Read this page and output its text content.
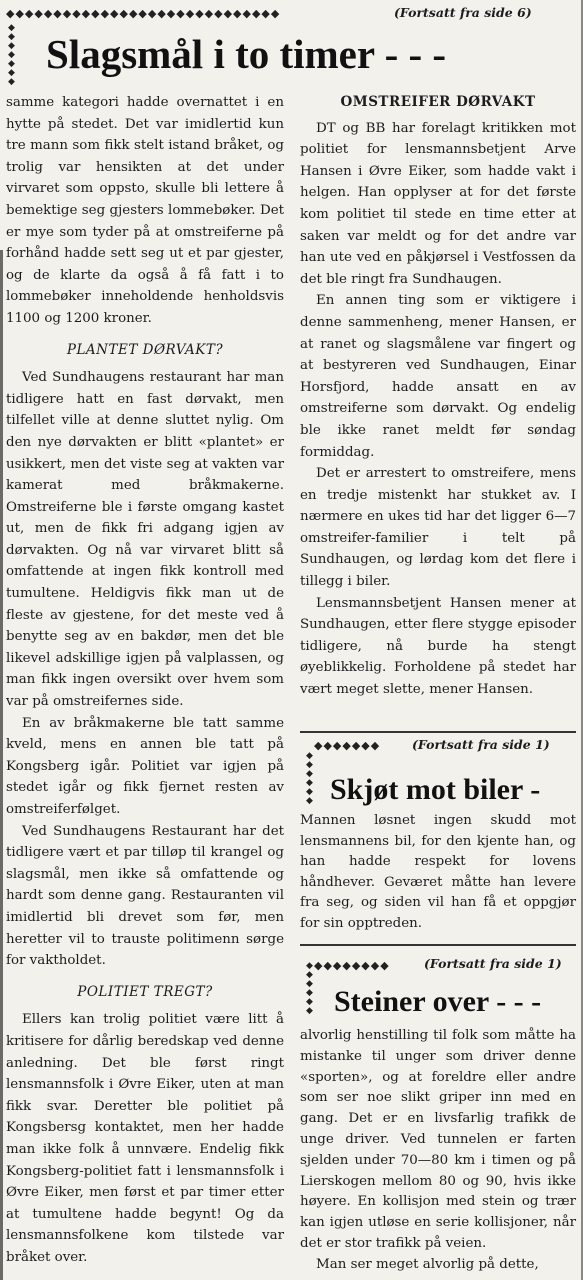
◆◆◆◆◆◆◆◆◆◆◆◆◆◆◆◆◆◆◆◆◆◆◆◆◆◆◆◆◆	(Fortsatt fra side 6)
◆
◆
◆
◆
◆
◆
◆
Slagsmål i to timer - - -

samme kategori hadde overnattet i en hytte på stedet. Det var imidlertid kun tre mann som fikk stelt istand bråket, og trolig var hensikten at det under virvaret som oppsto, skulle bli lettere å bemektige seg gjesters lommebøker. Det er mye som tyder på at omstreiferne på forhånd hadde sett seg ut et par gjester, og de klarte da også å få fatt i to lommebøker inneholdende henholdsvis 1100 og 1200 kroner.

PLANTET DØRVAKT?

Ved Sundhaugens restaurant har man tidligere hatt en fast dørvakt, men tilfellet ville at denne sluttet nylig. Om den nye dørvakten er blitt «plantet» er usikkert, men det viste seg at vakten var kamerat med bråkmakerne. Omstreiferne ble i første omgang kastet ut, men de fikk fri adgang igjen av dørvakten. Og nå var virvaret blitt så omfattende at ingen fikk kontroll med tumultene. Heldigvis fikk man ut de fleste av gjestene, for det meste ved å benytte seg av en bakdør, men det ble likevel adskillige igjen på valplassen, og man fikk ingen oversikt over hvem som var på omstreifernes side.

En av bråkmakerne ble tatt samme kveld, mens en annen ble tatt på Kongsberg igår. Politiet var igjen på stedet igår og fikk fjernet resten av omstreiferfølget.

Ved Sundhaugens Restaurant har det tidligere vært et par tilløp til krangel og slagsmål, men ikke så omfattende og hardt som denne gang. Restauranten vil imidlertid bli drevet som før, men heretter vil to trauste politimenn sørge for vaktholdet.

POLITIET TREGT?

Ellers kan trolig politiet være litt å kritisere for dårlig beredskap ved denne anledning. Det ble først ringt lensmannsfolk i Øvre Eiker, uten at man fikk svar. Deretter ble politiet på Kongsbersg kontaktet, men her hadde man ikke folk å unnvære. Endelig fikk Kongsberg-politiet fatt i lensmannsfolk i Øvre Eiker, men først et par timer etter at tumultene hadde begynt! Og da lensmannsfolkene kom tilstede var bråket over.

OMSTREIFER DØRVAKT

DT og BB har forelagt kritikken mot politiet for lensmannsbetjent Arve Hansen i Øvre Eiker, som hadde vakt i helgen. Han opplyser at for det første kom politiet til stede en time etter at saken var meldt og for det andre var han ute ved en påkjørsel i Vestfossen da det ble ringt fra Sundhaugen.

En annen ting som er viktigere i denne sammenheng, mener Hansen, er at ranet og slagsmålene var fingert og at bestyreren ved Sundhaugen, Einar Horsfjord, hadde ansatt en av omstreiferne som dørvakt. Og endelig ble ikke ranet meldt før søndag formiddag.

Det er arrestert to omstreifere, mens en tredje mistenkt har stukket av. I nærmere en ukes tid har det ligger 6—7 omstreifer-familier i telt på Sundhaugen, og lørdag kom det flere i tillegg i biler.

Lensmannsbetjent Hansen mener at Sundhaugen, etter flere stygge episoder tidligere, nå burde ha stengt øyeblikkelig. Forholdene på stedet har vært meget slette, mener Hansen.

◆◆◆◆◆◆◆	(Fortsatt fra side 1)
◆
◆
◆
◆
◆
◆ Skjøt mot biler -

Mannen løsnet ingen skudd mot lensmannens bil, for den kjente han, og han hadde respekt for lovens håndhever. Geværet måtte han levere fra seg, og siden vil han få et oppgjør for sin opptreden.

◆◆◆◆◆◆◆◆	(Fortsatt fra side 1)
◆
◆
◆
◆
◆
◆ Steiner over - - -

alvorlig henstilling til folk som måtte ha mistanke til unger som driver denne «sporten», og at foreldre eller andre som ser noe slikt griper inn med en gang. Det er en livsfarlig trafikk de unge driver. Ved tunnelen er farten sjelden under 70—80 km i timen og på Lierskogen mellom 80 og 90, hvis ikke høyere. En kollisjon med stein og trær kan igjen utløse en serie kollisjoner, når det er stor trafikk på veien.

Man ser meget alvorlig på dette,
